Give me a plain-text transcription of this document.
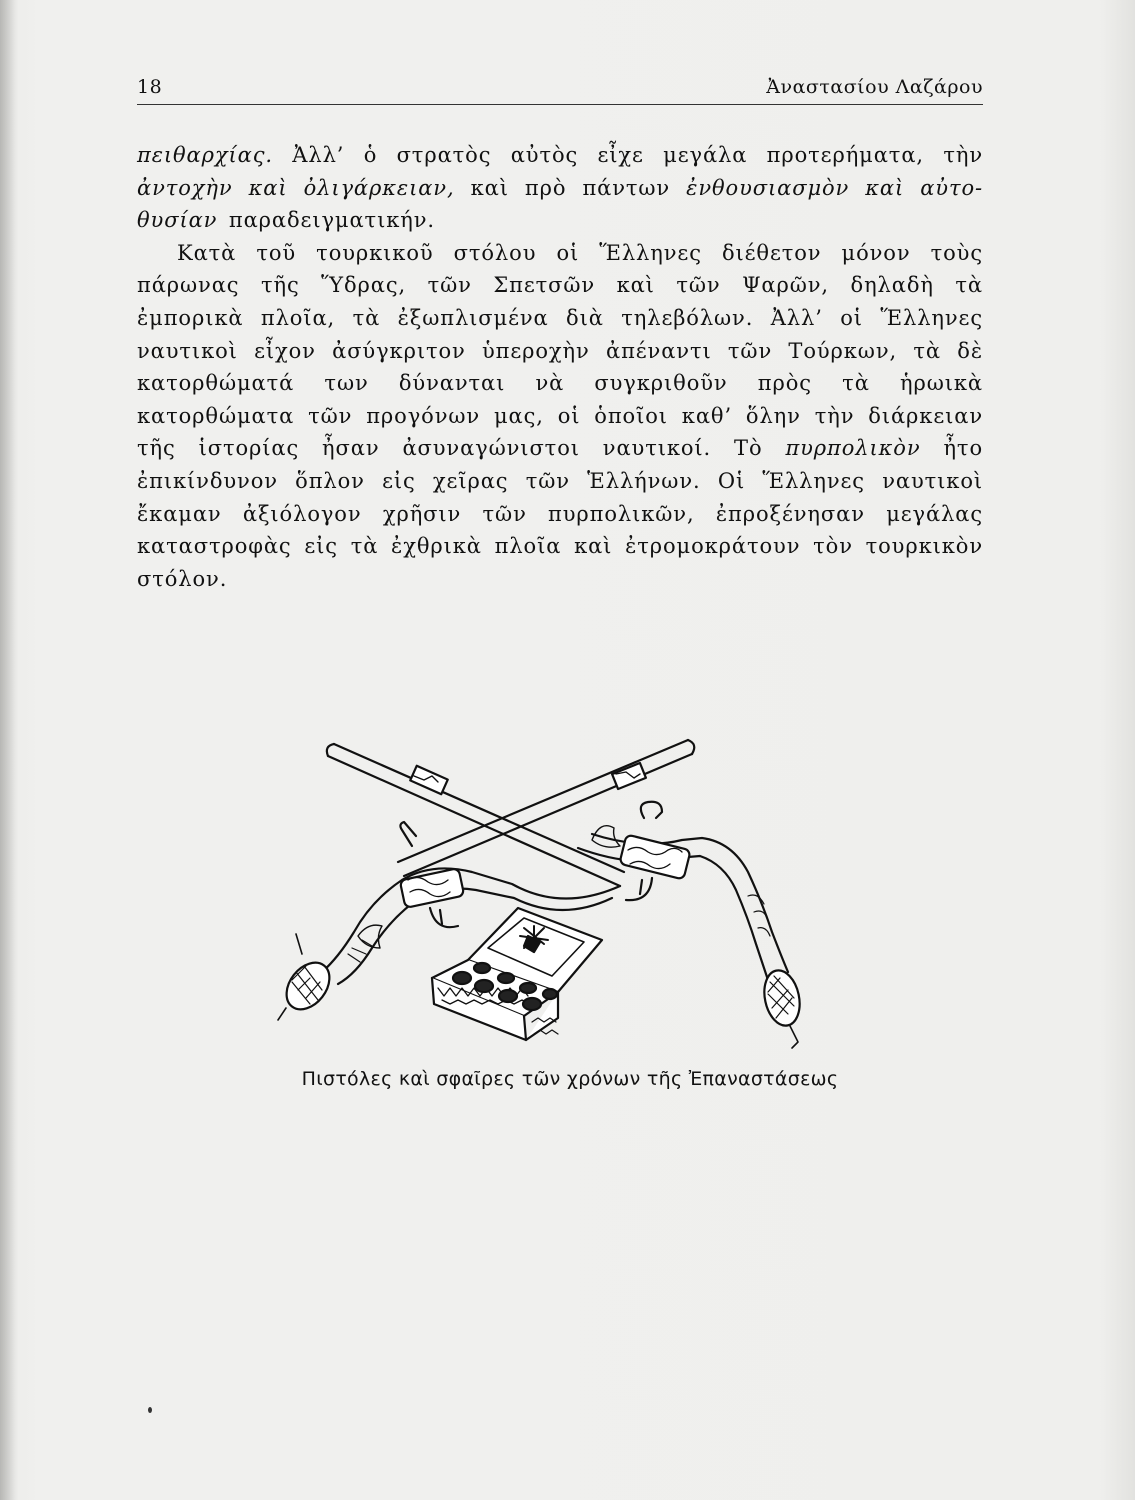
18	Ἀναστασίου Λαζάρου

πειθαρχίας. Ἀλλ’ ὁ στρατὸς αὐτὸς εἶχε μεγάλα προτερήματα, τὴν ἀντοχὴν καὶ ὀλιγάρκειαν, καὶ πρὸ πάντων ἐνθουσιασμὸν καὶ αὐτο-θυσίαν παραδειγματικήν.

Κατὰ τοῦ τουρκικοῦ στόλου οἱ Ἕλληνες διέθετον μόνον τοὺς πάρωνας τῆς Ὕδρας, τῶν Σπετσῶν καὶ τῶν Ψαρῶν, δηλαδὴ τὰ ἐμπορικὰ πλοῖα, τὰ ἐξωπλισμένα διὰ τηλεβόλων. Ἀλλ’ οἱ Ἕλληνες ναυτικοὶ εἶχον ἀσύγκριτον ὑπεροχὴν ἀπέναντι τῶν Τούρκων, τὰ δὲ κατορθώματά των δύνανται νὰ συγκριθοῦν πρὸς τὰ ἡρωικὰ κατορθώματα τῶν προγόνων μας, οἱ ὁποῖοι καθ’ ὅλην τὴν διάρκειαν τῆς ἱστορίας ἦσαν ἀσυναγώνιστοι ναυτικοί. Τὸ πυρπολικὸν ἦτο ἐπικίνδυνον ὅπλον εἰς χεῖρας τῶν Ἑλλήνων. Οἱ Ἕλληνες ναυτικοὶ ἔκαμαν ἀξιόλογον χρῆσιν τῶν πυρπολικῶν, ἐπροξένησαν μεγάλας καταστροφὰς εἰς τὰ ἐχθρικὰ πλοῖα καὶ ἐτρομοκράτουν τὸν τουρκικὸν στόλον.

Πιστόλες καὶ σφαῖρες τῶν χρόνων τῆς Ἐπαναστάσεως
